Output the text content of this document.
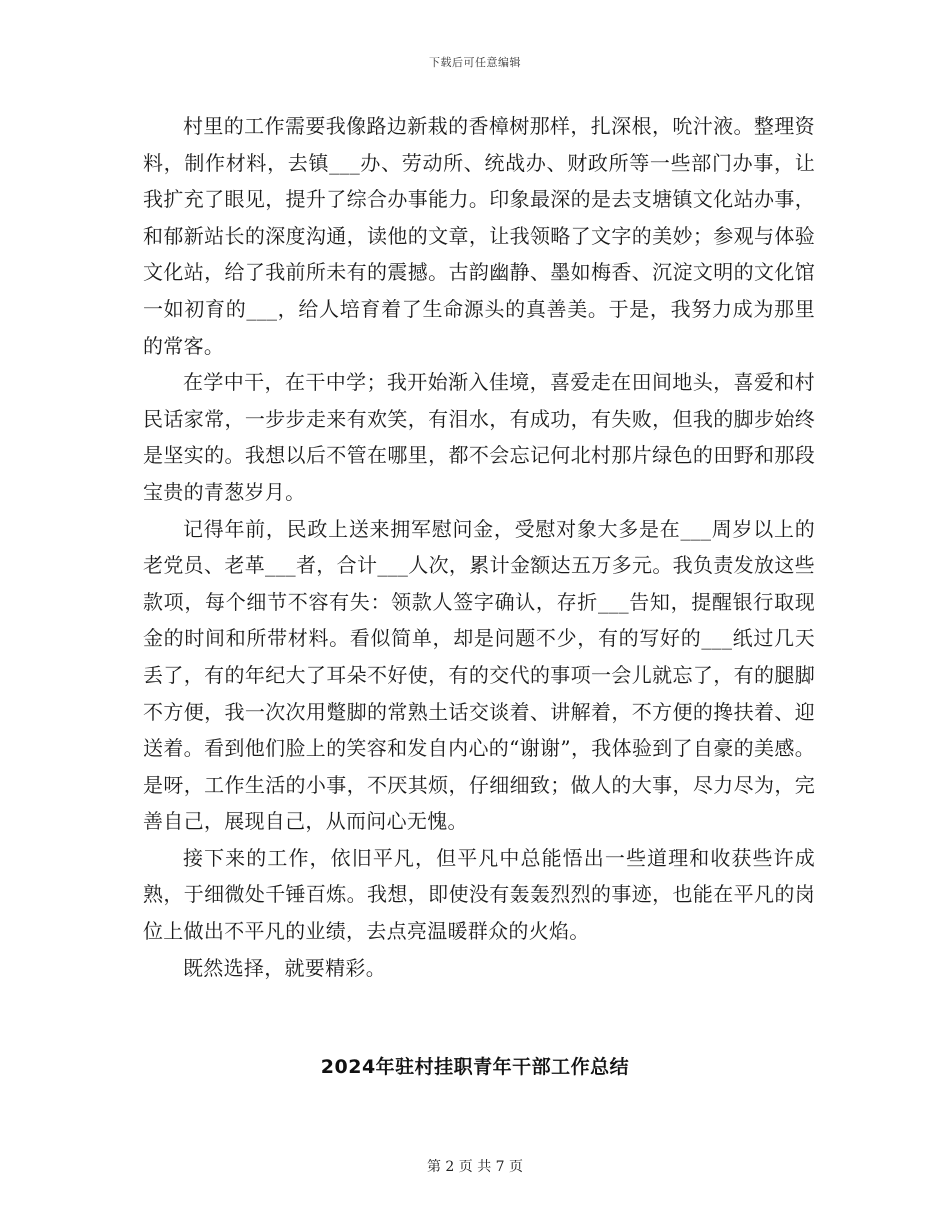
下载后可任意编辑

村里的工作需要我像路边新栽的香樟树那样，扎深根，吮汁液。整理资料，制作材料，去镇___办、劳动所、统战办、财政所等一些部门办事，让我扩充了眼见，提升了综合办事能力。印象最深的是去支塘镇文化站办事，和郁新站长的深度沟通，读他的文章，让我领略了文字的美妙；参观与体验文化站，给了我前所未有的震撼。古韵幽静、墨如梅香、沉淀文明的文化馆一如初育的___，给人培育着了生命源头的真善美。于是，我努力成为那里的常客。

在学中干，在干中学；我开始渐入佳境，喜爱走在田间地头，喜爱和村民话家常，一步步走来有欢笑，有泪水，有成功，有失败，但我的脚步始终是坚实的。我想以后不管在哪里，都不会忘记何北村那片绿色的田野和那段宝贵的青葱岁月。

记得年前，民政上送来拥军慰问金，受慰对象大多是在___周岁以上的老党员、老革___者，合计___人次，累计金额达五万多元。我负责发放这些款项，每个细节不容有失：领款人签字确认，存折___告知，提醒银行取现金的时间和所带材料。看似简单，却是问题不少，有的写好的___纸过几天丢了，有的年纪大了耳朵不好使，有的交代的事项一会儿就忘了，有的腿脚不方便，我一次次用蹩脚的常熟土话交谈着、讲解着，不方便的搀扶着、迎送着。看到他们脸上的笑容和发自内心的“谢谢”，我体验到了自豪的美感。是呀，工作生活的小事，不厌其烦，仔细细致；做人的大事，尽力尽为，完善自己，展现自己，从而问心无愧。

接下来的工作，依旧平凡，但平凡中总能悟出一些道理和收获些许成熟，于细微处千锤百炼。我想，即使没有轰轰烈烈的事迹，也能在平凡的岗位上做出不平凡的业绩，去点亮温暖群众的火焰。

既然选择，就要精彩。

2024年驻村挂职青年干部工作总结
第 2 页 共 7 页
